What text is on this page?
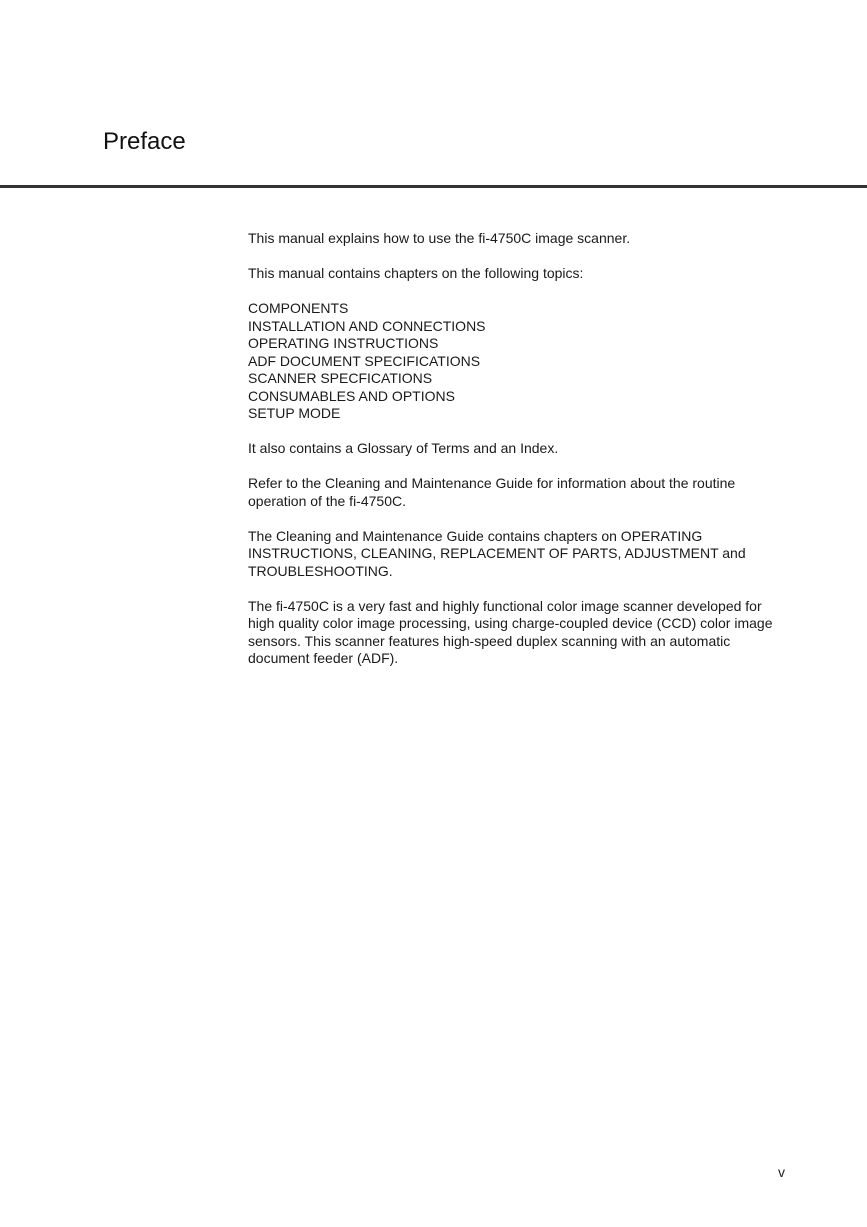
Preface

This manual explains how to use the fi-4750C image scanner.

This manual contains chapters on the following topics:

COMPONENTS
INSTALLATION AND CONNECTIONS
OPERATING INSTRUCTIONS
ADF DOCUMENT SPECIFICATIONS
SCANNER SPECFICATIONS
CONSUMABLES AND OPTIONS
SETUP MODE

It also contains a Glossary of Terms and an Index.

Refer to the Cleaning and Maintenance Guide for information about the routine operation of the fi-4750C.

The Cleaning and Maintenance Guide contains chapters on OPERATING INSTRUCTIONS, CLEANING, REPLACEMENT OF PARTS, ADJUSTMENT and TROUBLESHOOTING.

The fi-4750C is a very fast and highly functional color image scanner developed for high quality color image processing, using charge-coupled device (CCD) color image sensors. This scanner features high-speed duplex scanning with an automatic document feeder (ADF).

v
